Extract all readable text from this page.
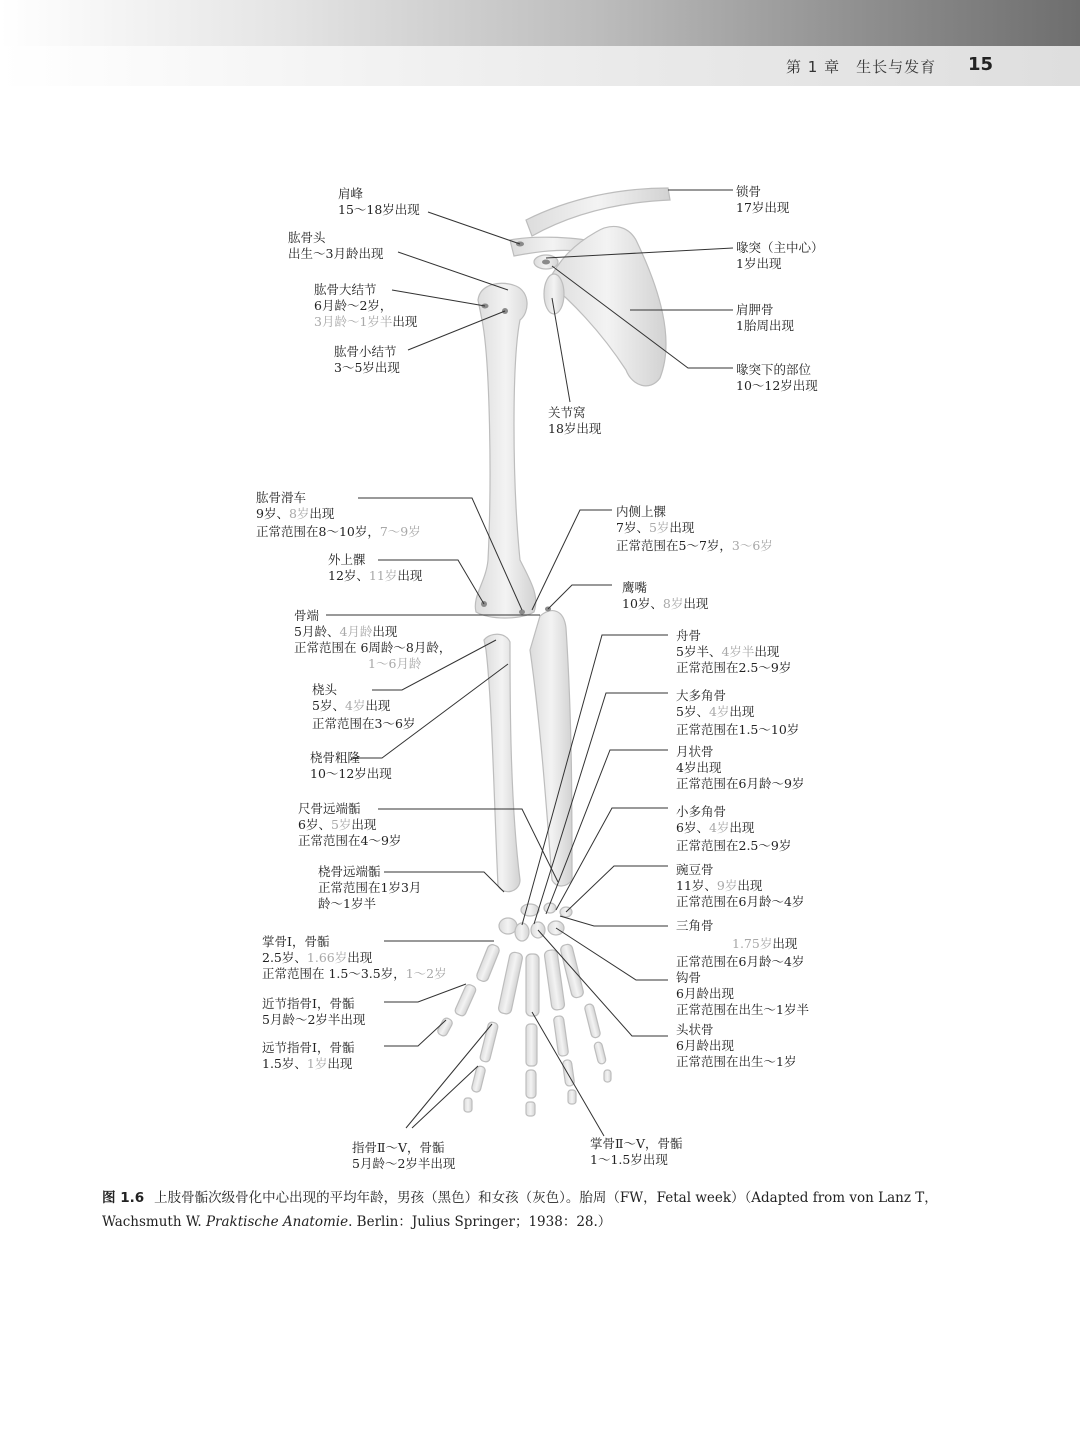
第 1 章　生长与发育 15
肩峰
15～18岁出现
肱骨头
出生～3月龄出现
肱骨大结节
6月龄～2岁，
3月龄～1岁半出现
肱骨小结节
3～5岁出现
锁骨
17岁出现
喙突（主中心）
1岁出现
肩胛骨
1胎周出现
喙突下的部位
10～12岁出现
关节窝
18岁出现
肱骨滑车
9岁、8岁出现
正常范围在8～10岁，7～9岁
外上髁
12岁、11岁出现
骨端
5月龄、4月龄出现
正常范围在 6周龄～8月龄，
1～6月龄
内侧上髁
7岁、5岁出现
正常范围在5～7岁，3～6岁
鹰嘴
10岁、8岁出现
桡头
5岁、4岁出现
正常范围在3～6岁
桡骨粗隆
10～12岁出现
尺骨远端骺
6岁、5岁出现
正常范围在4～9岁
桡骨远端骺
正常范围在1岁3月
龄～1岁半
舟骨
5岁半、4岁半出现
正常范围在2.5～9岁
大多角骨
5岁、4岁出现
正常范围在1.5～10岁
月状骨
4岁出现
正常范围在6月龄～9岁
小多角骨
6岁、4岁出现
正常范围在2.5～9岁
豌豆骨
11岁、9岁出现
正常范围在6月龄～4岁
三角骨
1.75岁出现
正常范围在6月龄～4岁
钩骨
6月龄出现
正常范围在出生～1岁半
头状骨
6月龄出现
正常范围在出生～1岁
掌骨Ⅰ，骨骺
2.5岁、1.66岁出现
正常范围在 1.5～3.5岁，1～2岁
近节指骨Ⅰ，骨骺
5月龄～2岁半出现
远节指骨Ⅰ，骨骺
1.5岁、1岁出现
指骨Ⅱ～Ⅴ，骨骺
5月龄～2岁半出现
掌骨Ⅱ～Ⅴ，骨骺
1～1.5岁出现
图 1.6 上肢骨骺次级骨化中心出现的平均年龄，男孩（黑色）和女孩（灰色）。胎周（FW，Fetal week）（Adapted from von Lanz T，Wachsmuth W. Praktische Anatomie. Berlin：Julius Springer；1938：28.）
